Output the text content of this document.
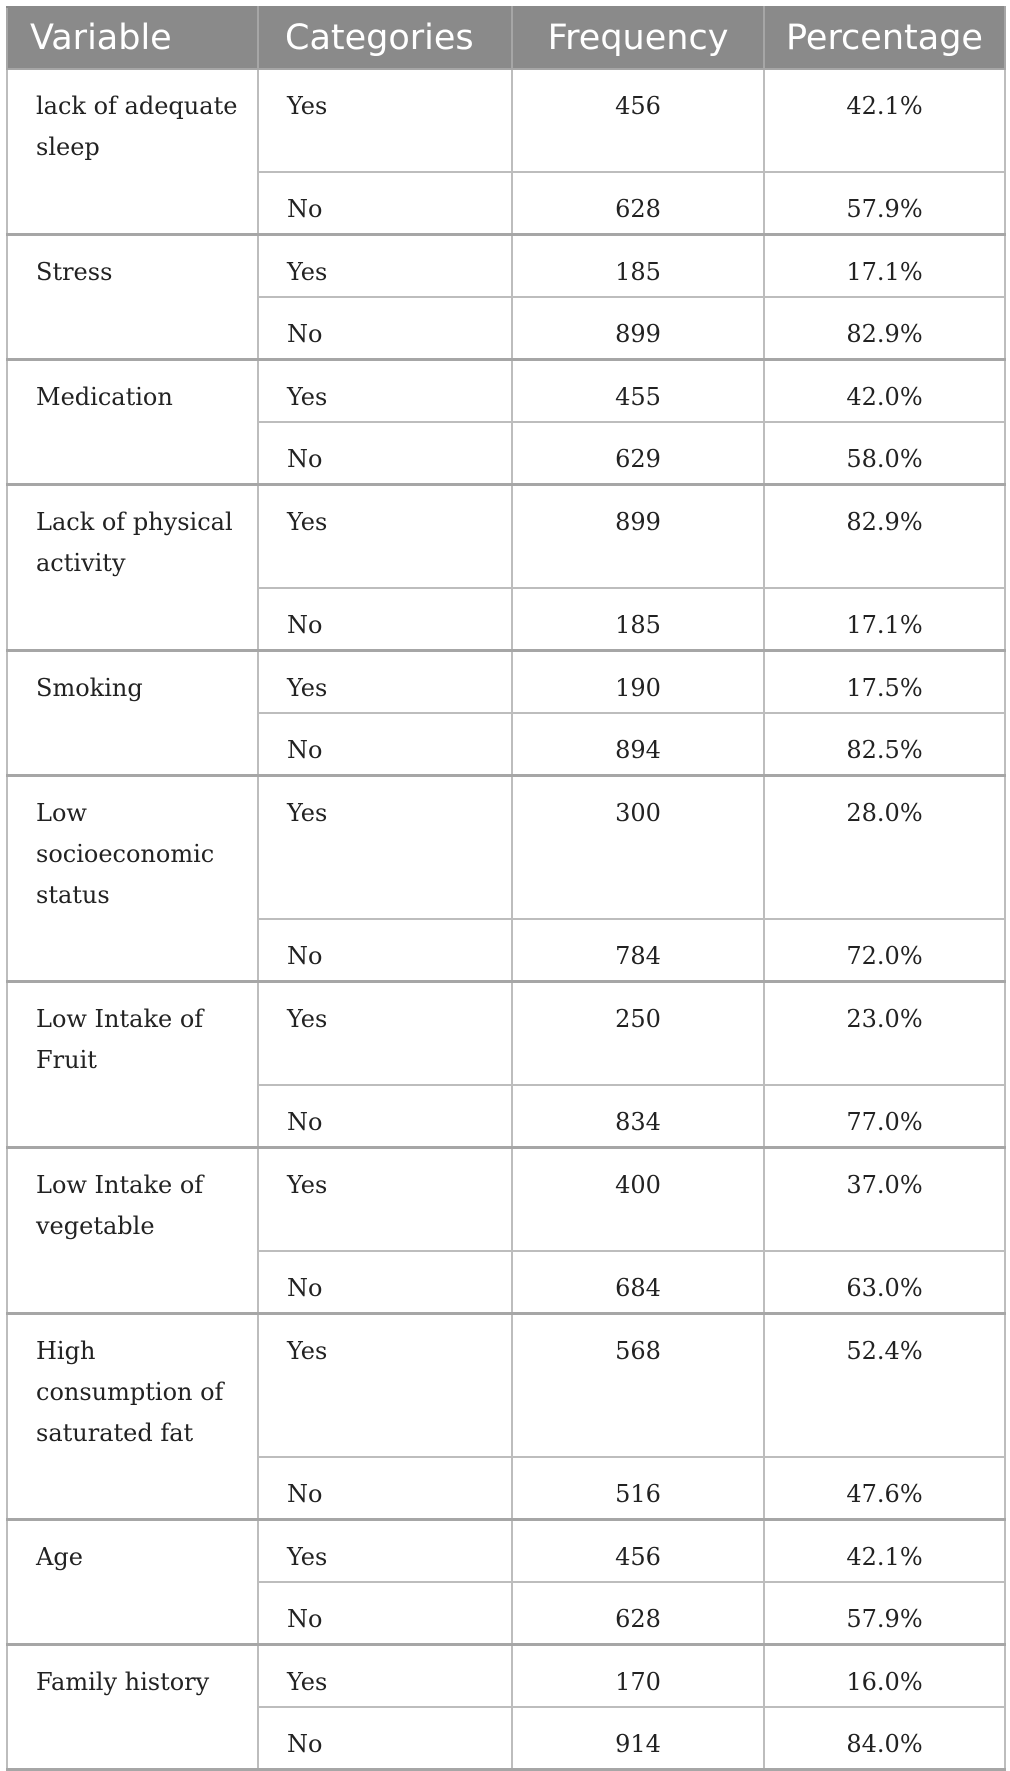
Variable	Categories	Frequency	Percentage
lack of adequate sleep	Yes	456	42.1%
	No	628	57.9%
Stress	Yes	185	17.1%
	No	899	82.9%
Medication	Yes	455	42.0%
	No	629	58.0%
Lack of physical activity	Yes	899	82.9%
	No	185	17.1%
Smoking	Yes	190	17.5%
	No	894	82.5%
Low socioeconomic status	Yes	300	28.0%
	No	784	72.0%
Low Intake of Fruit	Yes	250	23.0%
	No	834	77.0%
Low Intake of vegetable	Yes	400	37.0%
	No	684	63.0%
High consumption of saturated fat	Yes	568	52.4%
	No	516	47.6%
Age	Yes	456	42.1%
	No	628	57.9%
Family history	Yes	170	16.0%
	No	914	84.0%
